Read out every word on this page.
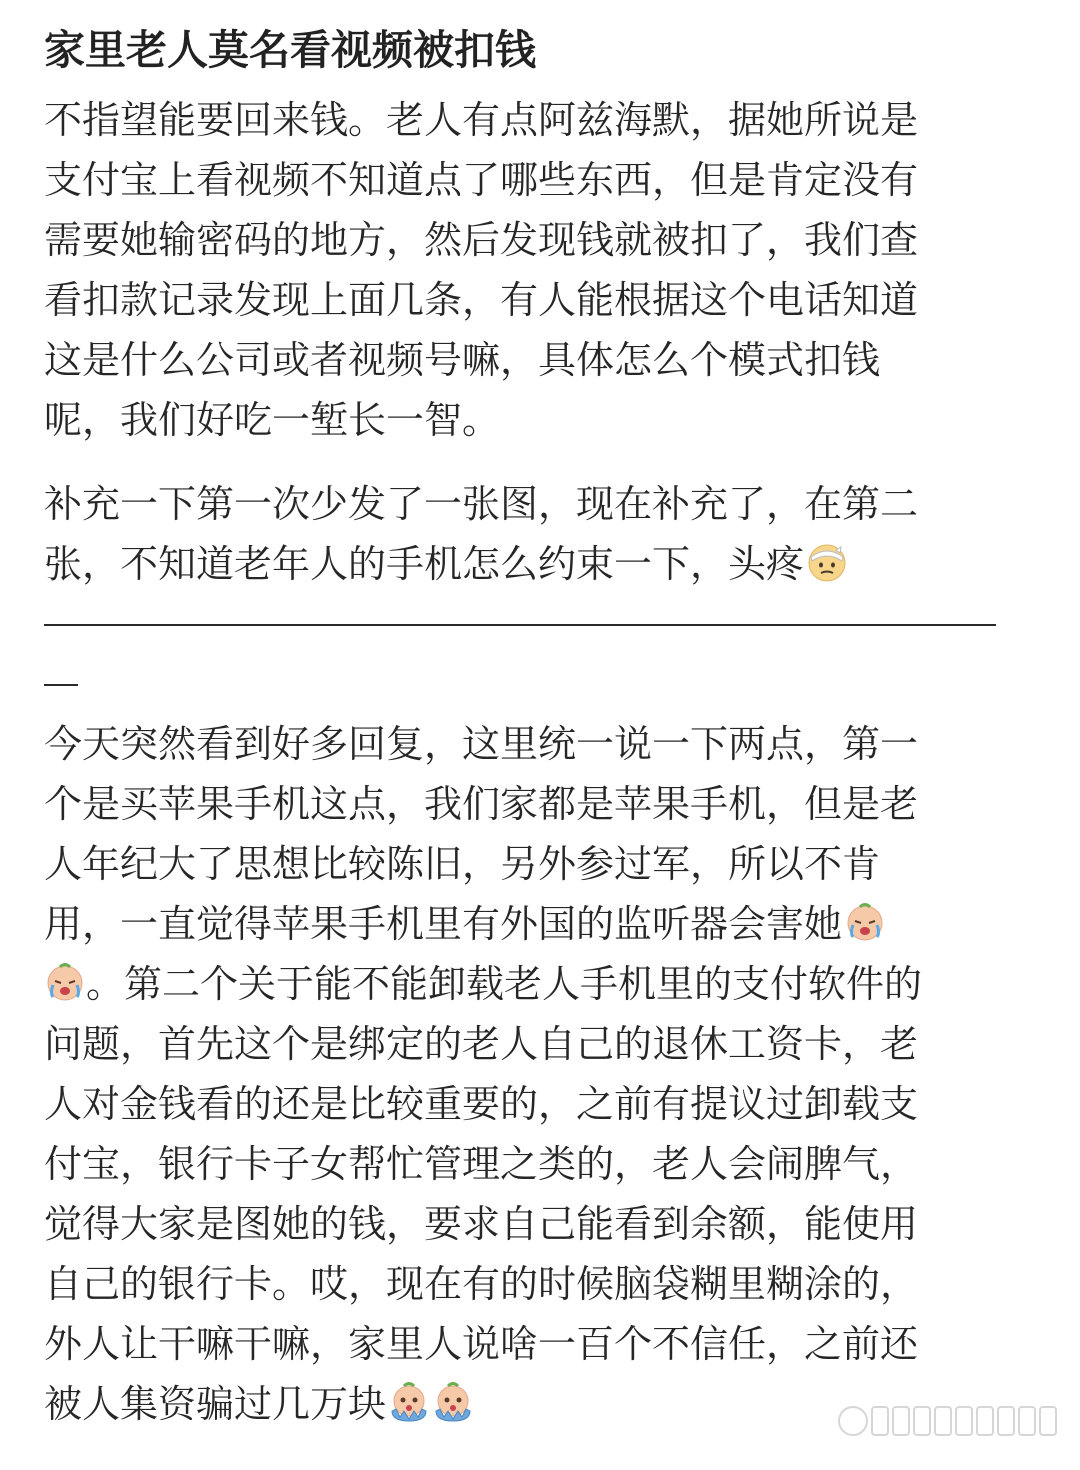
家里老人莫名看视频被扣钱
不指望能要回来钱。老人有点阿兹海默，据她所说是
支付宝上看视频不知道点了哪些东西，但是肯定没有
需要她输密码的地方，然后发现钱就被扣了，我们查
看扣款记录发现上面几条，有人能根据这个电话知道
这是什么公司或者视频号嘛，具体怎么个模式扣钱
呢，我们好吃一堑长一智。
补充一下第一次少发了一张图，现在补充了，在第二
张，不知道老年人的手机怎么约束一下，头疼
今天突然看到好多回复，这里统一说一下两点，第一
个是买苹果手机这点，我们家都是苹果手机，但是老
人年纪大了思想比较陈旧，另外参过军，所以不肯
用，一直觉得苹果手机里有外国的监听器会害她
。第二个关于能不能卸载老人手机里的支付软件的
问题，首先这个是绑定的老人自己的退休工资卡，老
人对金钱看的还是比较重要的，之前有提议过卸载支
付宝，银行卡子女帮忙管理之类的，老人会闹脾气，
觉得大家是图她的钱，要求自己能看到余额，能使用
自己的银行卡。哎，现在有的时候脑袋糊里糊涂的，
外人让干嘛干嘛，家里人说啥一百个不信任，之前还
被人集资骗过几万块
